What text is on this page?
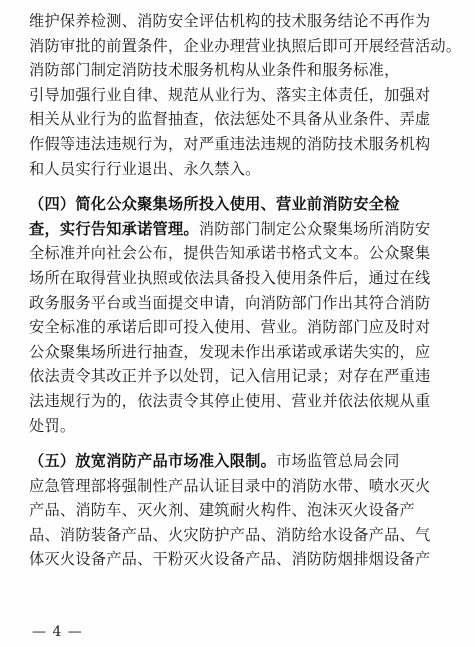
维护保养检测、消防安全评估机构的技术服务结论不再作为
消防审批的前置条件，企业办理营业执照后即可开展经营活动。
消防部门制定消防技术服务机构从业条件和服务标准，
引导加强行业自律、规范从业行为、落实主体责任，加强对
相关从业行为的监督抽查，依法惩处不具备从业条件、弄虚
作假等违法违规行为，对严重违法违规的消防技术服务机构
和人员实行行业退出、永久禁入。
（四）简化公众聚集场所投入使用、营业前消防安全检
查，实行告知承诺管理。消防部门制定公众聚集场所消防安
全标准并向社会公布，提供告知承诺书格式文本。公众聚集
场所在取得营业执照或依法具备投入使用条件后，通过在线
政务服务平台或当面提交申请，向消防部门作出其符合消防
安全标准的承诺后即可投入使用、营业。消防部门应及时对
公众聚集场所进行抽查，发现未作出承诺或承诺失实的，应
依法责令其改正并予以处罚，记入信用记录；对存在严重违
法违规行为的，依法责令其停止使用、营业并依法依规从重
处罚。
（五）放宽消防产品市场准入限制。市场监管总局会同
应急管理部将强制性产品认证目录中的消防水带、喷水灭火
产品、消防车、灭火剂、建筑耐火构件、泡沫灭火设备产
品、消防装备产品、火灾防护产品、消防给水设备产品、气
体灭火设备产品、干粉灭火设备产品、消防防烟排烟设备产
— 4 —
